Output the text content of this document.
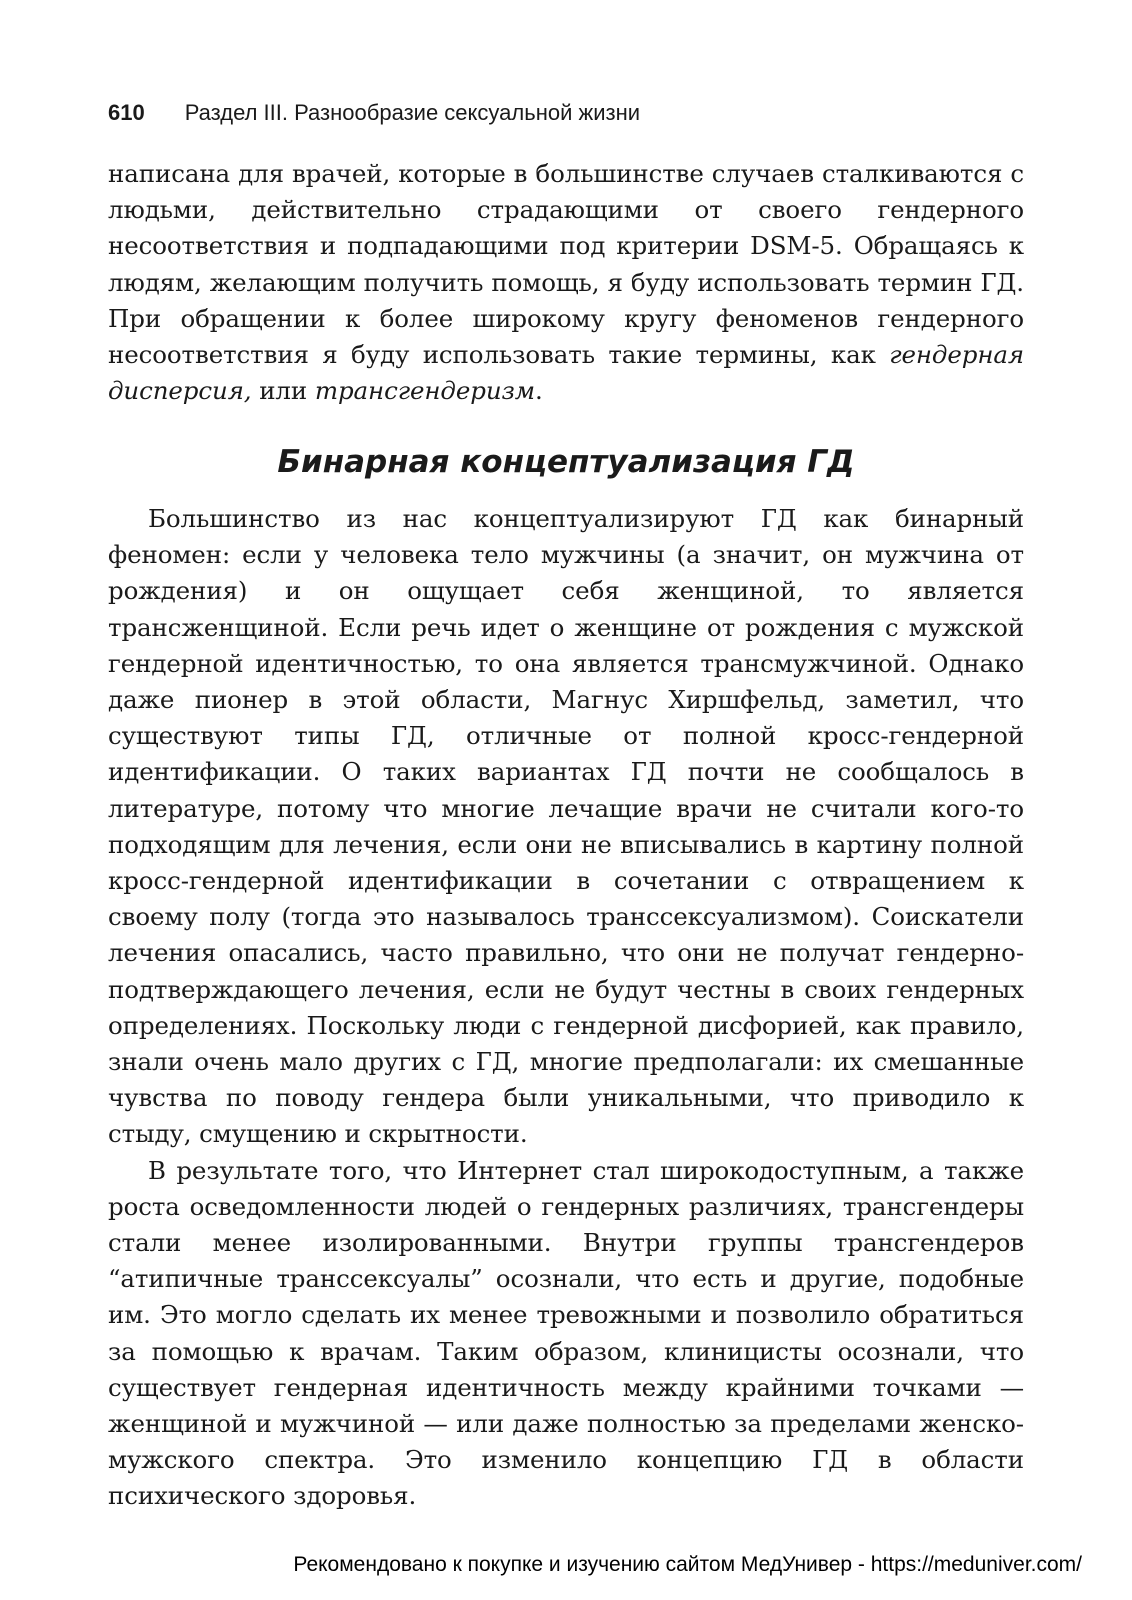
610 Раздел III. Разнообразие сексуальной жизни

написана для врачей, которые в большинстве случаев сталкиваются с людьми, действительно страдающими от своего гендерного несоответствия и подпадающими под критерии DSM-5. Обращаясь к людям, желающим получить помощь, я буду использовать термин ГД. При обращении к более широкому кругу феноменов гендерного несоответствия я буду использовать такие термины, как гендерная дисперсия, или трансгендеризм.

Бинарная концептуализация ГД

Большинство из нас концептуализируют ГД как бинарный феномен: если у человека тело мужчины (а значит, он мужчина от рождения) и он ощущает себя женщиной, то является трансженщиной. Если речь идет о женщине от рождения с мужской гендерной идентичностью, то она является трансмужчиной. Однако даже пионер в этой области, Магнус Хиршфельд, заметил, что существуют типы ГД, отличные от полной кросс-гендерной идентификации. О таких вариантах ГД почти не сообщалось в литературе, потому что многие лечащие врачи не считали кого-то подходящим для лечения, если они не вписывались в картину полной кросс-гендерной идентификации в сочетании с отвращением к своему полу (тогда это называлось транссексуализмом). Соискатели лечения опасались, часто правильно, что они не получат гендерно-подтверждающего лечения, если не будут честны в своих гендерных определениях. Поскольку люди с гендерной дисфорией, как правило, знали очень мало других с ГД, многие предполагали: их смешанные чувства по поводу гендера были уникальными, что приводило к стыду, смущению и скрытности.

В результате того, что Интернет стал широкодоступным, а также роста осведомленности людей о гендерных различиях, трансгендеры стали менее изолированными. Внутри группы трансгендеров “атипичные транссексуалы” осознали, что есть и другие, подобные им. Это могло сделать их менее тревожными и позволило обратиться за помощью к врачам. Таким образом, клиницисты осознали, что существует гендерная идентичность между крайними точками — женщиной и мужчиной — или даже полностью за пределами женско-мужского спектра. Это изменило концепцию ГД в области психического здоровья.

Рекомендовано к покупке и изучению сайтом МедУнивер - https://meduniver.com/
